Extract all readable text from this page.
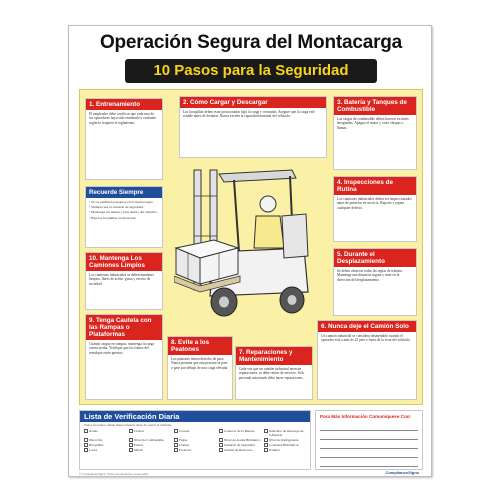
Operación Segura del Montacarga
10 Pasos para la Seguridad
1. Entrenamiento
El empleador debe certificar que cada uno de los operadores haya sido entrenado y evaluado según lo requiere el reglamento.
2. Cómo Cargar y Descargar
Las horquillas deben estar posicionadas bajo la carga y centradas. Asegure que la carga esté estable antes de levantar. Nunca exceda la capacidad nominal del vehículo.
3. Batería y Tanques de Combustible
Las cargas de combustible deben hacerse en áreas designadas. Apague el motor y evite chispas o llamas.
4. Inspecciones de Rutina
Los camiones industriales deben ser inspeccionados antes de ponerlos en servicio. Reporte y repare cualquier defecto.
5. Durante el Desplazamiento
Se deben observar todas las reglas de tránsito. Mantenga una distancia segura y mire en la dirección del desplazamiento.
6. Nunca deje el Camión Solo
Un camión industrial se considera desatendido cuando el operador está a más de 25 pies o fuera de la vista del vehículo.
7. Reparaciones y Mantenimiento
Cada vez que un camión industrial necesite reparaciones, se debe retirar de servicio. Solo personal autorizado debe hacer reparaciones.
8. Evite a los Peatones
Los peatones tienen derecho de paso. Nunca permita que una persona se pare o pase por debajo de una carga elevada.
9. Tenga Cautela con las Rampas o Plataformas
Cuando cargue en rampas, mantenga la carga cuesta arriba. Verifique que los frenos del remolque estén puestos.
10. Mantenga Los Camiones Limpios
Los camiones industriales se deben mantener limpios, libres de aceite, grasa y exceso de suciedad.
Recuerde Siempre
• No se permiten pasajeros en el montacargas.
• Siempre use el cinturón de seguridad.
• Mantenga las manos y pies dentro del vehículo.
• Baje las horquillas al estacionar.
Lista de Verificación Diaria
Todos los puntos deben inspeccionarse antes de operar el vehículo.
Aceite	Claxon	Correas	Conector de la Batería	Indicador de Descarga de la Batería
Dirección	Nivel de Combustible	Fugas	Nivel de Aceite Hidráulico	Nivel de Refrigerante
Horquillas	Frenos	Llantas	Cinturón de Seguridad	Controles Hidráulicos
Luces	Mástil	Protector	Alarma de Retroceso	Extintor
Para Más Información Comuníquese Con:
© ComplianceSigns. Todos los derechos reservados.	ComplianceSigns
